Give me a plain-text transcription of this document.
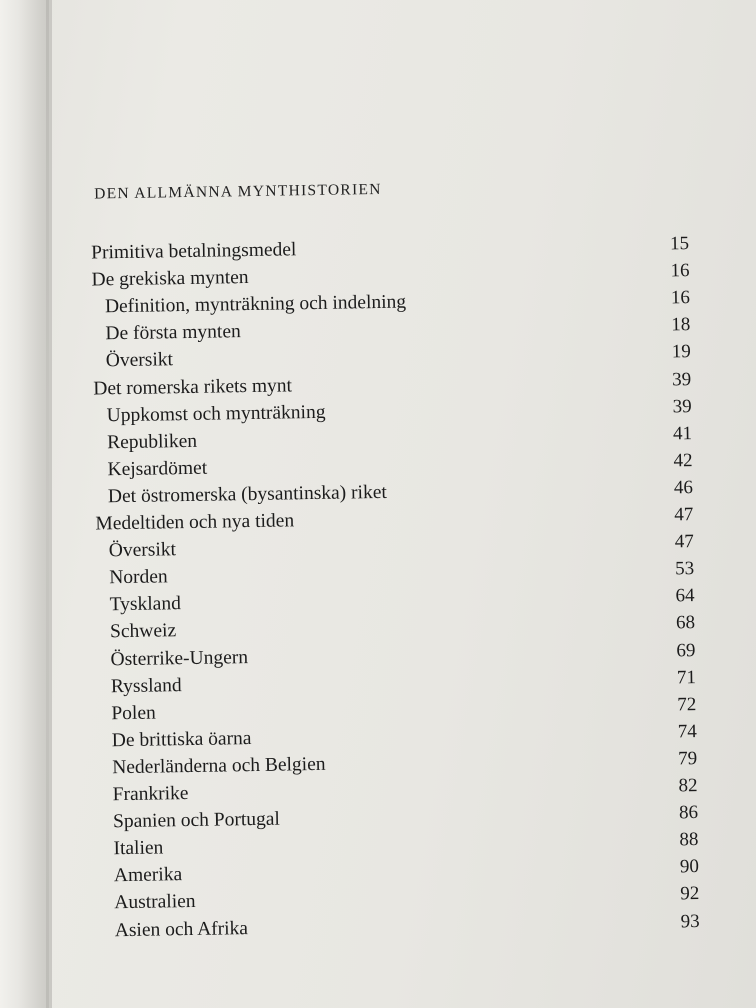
DEN ALLMÄNNA MYNTHISTORIEN
Primitiva betalningsmedel	15
De grekiska mynten	16
Definition, mynträkning och indelning	16
De första mynten	18
Översikt	19
Det romerska rikets mynt	39
Uppkomst och mynträkning	39
Republiken	41
Kejsardömet	42
Det östromerska (bysantinska) riket	46
Medeltiden och nya tiden	47
Översikt	47
Norden	53
Tyskland	64
Schweiz	68
Österrike-Ungern	69
Ryssland	71
Polen	72
De brittiska öarna	74
Nederländerna och Belgien	79
Frankrike	82
Spanien och Portugal	86
Italien	88
Amerika	90
Australien	92
Asien och Afrika	93
